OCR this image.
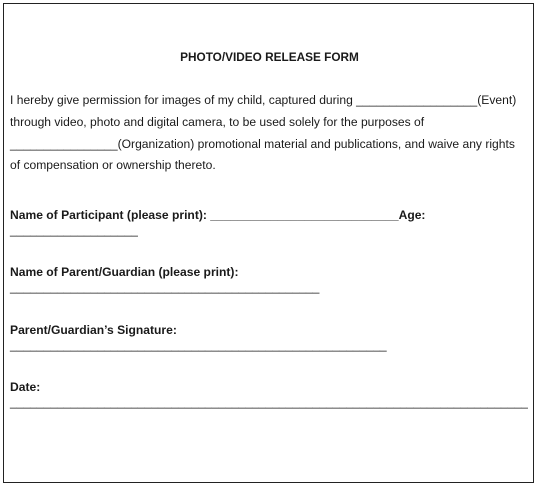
PHOTO/VIDEO RELEASE FORM
I hereby give permission for images of my child, captured during __________________(Event)
through video, photo and digital camera, to be used solely for the purposes of
________________(Organization) promotional material and publications, and waive any rights
of compensation or ownership thereto.
Name of Participant (please print): ____________________________Age:
___________________
Name of Parent/Guardian (please print):
______________________________________________
Parent/Guardian’s Signature:
________________________________________________________
Date:
_____________________________________________________________________________
